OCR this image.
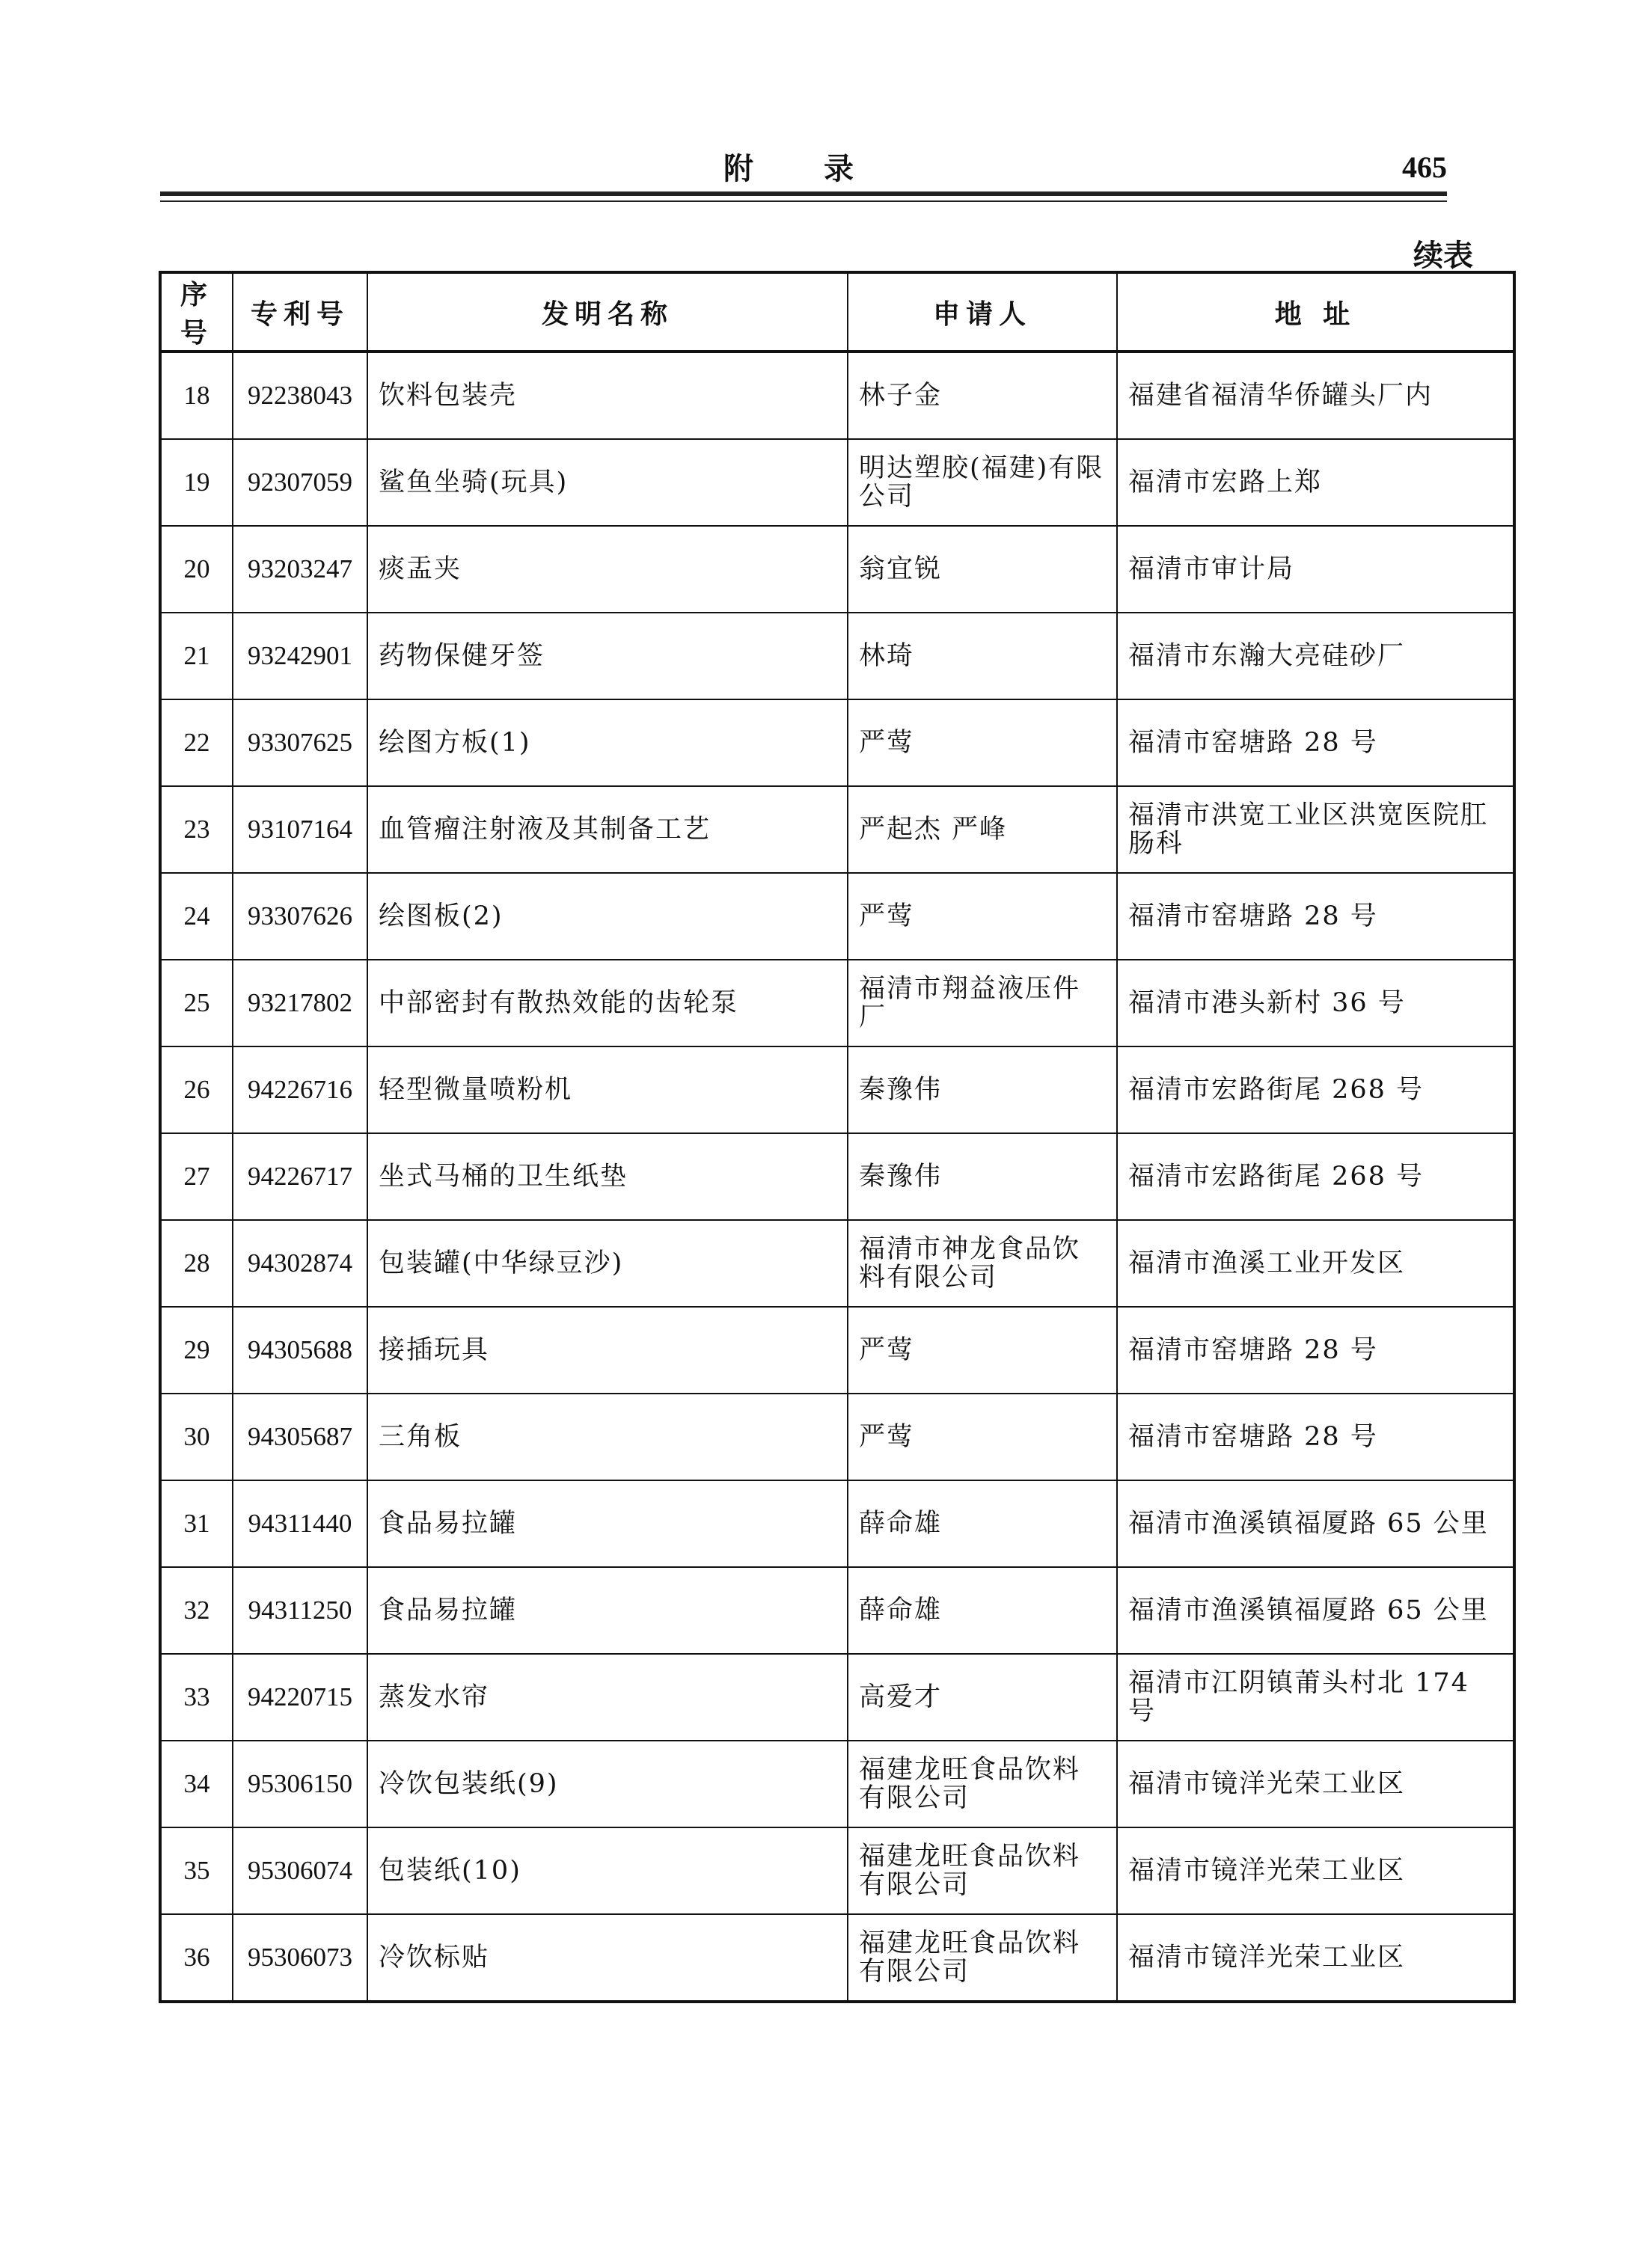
附 录	465
续表
序号	专利号	发明名称	申请人	地 址
18	92238043	饮料包装壳	林子金	福建省福清华侨罐头厂内
19	92307059	鲨鱼坐骑(玩具)	明达塑胶(福建)有限公司	福清市宏路上郑
20	93203247	痰盂夹	翁宜锐	福清市审计局
21	93242901	药物保健牙签	林琦	福清市东瀚大亮硅砂厂
22	93307625	绘图方板(1)	严莺	福清市窑塘路 28 号
23	93107164	血管瘤注射液及其制备工艺	严起杰 严峰	福清市洪宽工业区洪宽医院肛肠科
24	93307626	绘图板(2)	严莺	福清市窑塘路 28 号
25	93217802	中部密封有散热效能的齿轮泵	福清市翔益液压件厂	福清市港头新村 36 号
26	94226716	轻型微量喷粉机	秦豫伟	福清市宏路街尾 268 号
27	94226717	坐式马桶的卫生纸垫	秦豫伟	福清市宏路街尾 268 号
28	94302874	包装罐(中华绿豆沙)	福清市神龙食品饮料有限公司	福清市渔溪工业开发区
29	94305688	接插玩具	严莺	福清市窑塘路 28 号
30	94305687	三角板	严莺	福清市窑塘路 28 号
31	94311440	食品易拉罐	薛命雄	福清市渔溪镇福厦路 65 公里
32	94311250	食品易拉罐	薛命雄	福清市渔溪镇福厦路 65 公里
33	94220715	蒸发水帘	高爱才	福清市江阴镇莆头村北 174 号
34	95306150	冷饮包装纸(9)	福建龙旺食品饮料有限公司	福清市镜洋光荣工业区
35	95306074	包装纸(10)	福建龙旺食品饮料有限公司	福清市镜洋光荣工业区
36	95306073	冷饮标贴	福建龙旺食品饮料有限公司	福清市镜洋光荣工业区
